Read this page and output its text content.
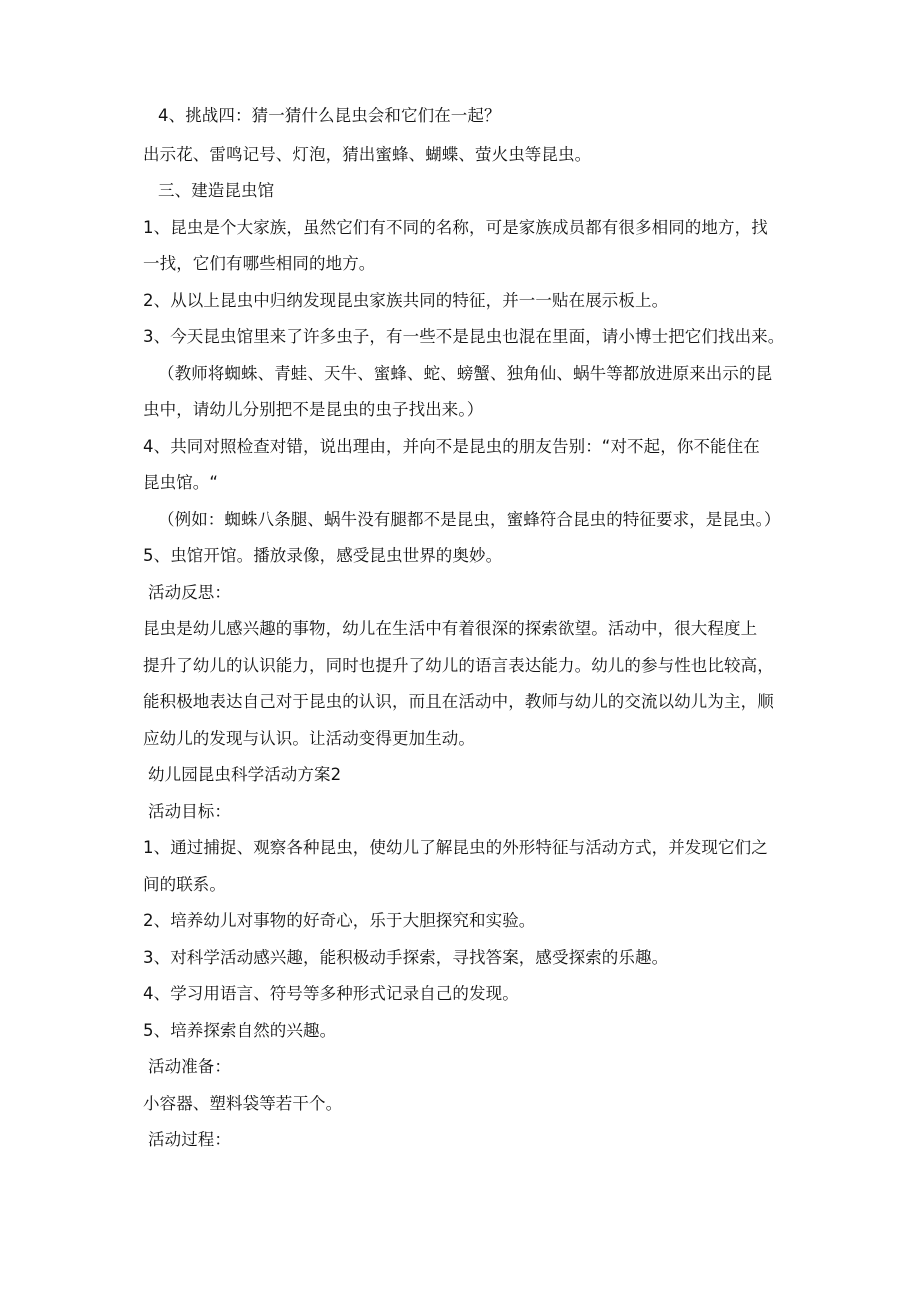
4、挑战四：猜一猜什么昆虫会和它们在一起？

出示花、雷鸣记号、灯泡，猜出蜜蜂、蝴蝶、萤火虫等昆虫。

三、建造昆虫馆

1、昆虫是个大家族，虽然它们有不同的名称，可是家族成员都有很多相同的地方，找

一找，它们有哪些相同的地方。

2、从以上昆虫中归纳发现昆虫家族共同的特征，并一一贴在展示板上。

3、今天昆虫馆里来了许多虫子，有一些不是昆虫也混在里面，请小博士把它们找出来。

（教师将蜘蛛、青蛙、天牛、蜜蜂、蛇、螃蟹、独角仙、蜗牛等都放进原来出示的昆

虫中，请幼儿分别把不是昆虫的虫子找出来。）

4、共同对照检查对错，说出理由，并向不是昆虫的朋友告别：“对不起，你不能住在

昆虫馆。“

（例如：蜘蛛八条腿、蜗牛没有腿都不是昆虫，蜜蜂符合昆虫的特征要求，是昆虫。）

5、虫馆开馆。播放录像，感受昆虫世界的奥妙。

活动反思：

昆虫是幼儿感兴趣的事物，幼儿在生活中有着很深的探索欲望。活动中，很大程度上

提升了幼儿的认识能力，同时也提升了幼儿的语言表达能力。幼儿的参与性也比较高，

能积极地表达自己对于昆虫的认识，而且在活动中，教师与幼儿的交流以幼儿为主，顺

应幼儿的发现与认识。让活动变得更加生动。

幼儿园昆虫科学活动方案2

活动目标：

1、通过捕捉、观察各种昆虫，使幼儿了解昆虫的外形特征与活动方式，并发现它们之

间的联系。

2、培养幼儿对事物的好奇心，乐于大胆探究和实验。

3、对科学活动感兴趣，能积极动手探索，寻找答案，感受探索的乐趣。

4、学习用语言、符号等多种形式记录自己的发现。

5、培养探索自然的兴趣。

活动准备：

小容器、塑料袋等若干个。

活动过程：
